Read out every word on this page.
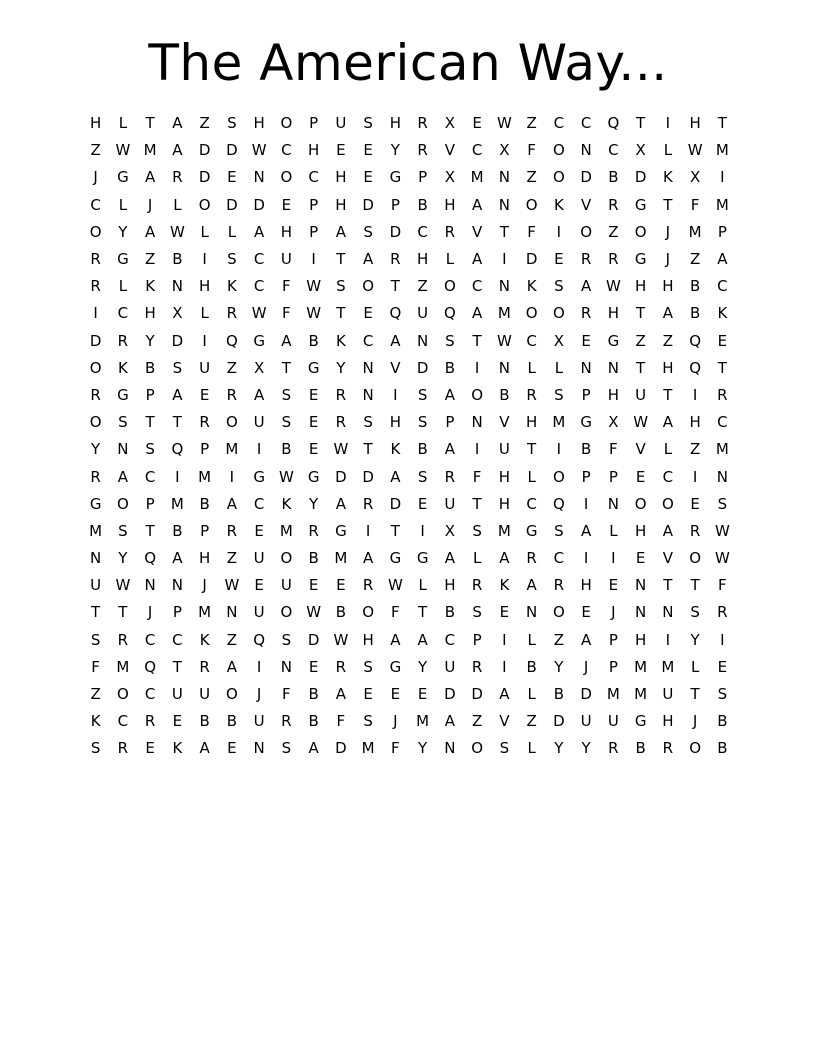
The American Way...
H	L	T	A	Z	S	H	O	P	U	S	H	R	X	E	W Z	C	C	Q	T	I	H	T
Z W M	A	D	D W C	H	E	E	Y	R	V	C	X	F	O	N	C	X	L	W M
J	G	A	R	D	E	N	O	C	H	E	G	P	X	M	N	Z	O	D	B	D	K	X	I
C	L	J	L	O	D	D	E	P	H	D	P	B	H	A	N	O	K	V	R	G	T	F	M
O	Y	A W	L	L	A	H	P	A	S	D	C	R	V	T	F	I	O	Z	O	J	M	P
R	G	Z	B	I	S	C	U	I	T	A	R	H	L	A	I	D	E	R	R	G	J	Z	A
R	L	K	N	H	K	C	F	W	S	O	T	Z	O	C	N	K	S	A W H	H	B	C
I	C	H	X	L	R W	F	W	T	E	Q	U	Q	A	M O	O	R	H	T	A	B	K
D	R	Y	D	I	Q	G	A	B	K	C	A	N	S	T	W C	X	E	G	Z	Z	Q	E
O	K	B	S	U	Z	X	T	G	Y	N	V	D	B	I	N	L	L	N	N	T	H	Q	T
R	G	P	A	E	R	A	S	E	R	N	I	S	A	O	B	R	S	P	H	U	T	I	R
O	S	T	T	R	O	U	S	E	R	S	H	S	P	N	V	H	M G	X W A	H	C
Y	N	S	Q	P	M	I	B	E	W	T	K	B	A	I	U	T	I	B	F	V	L	Z	M
R	A	C	I	M	I	G W G	D	D	A	S	R	F	H	L	O	P	P	E	C	I	N
G	O	P	M	B	A	C	K	Y	A	R	D	E	U	T	H	C	Q	I	N	O	O	E	S
M	S	T	B	P	R	E	M	R	G	I	T	I	X	S	M G	S	A	L	H	A	R W
N	Y	Q	A	H	Z	U	O	B	M	A	G	G	A	L	A	R	C	I	I	E	V	O W
U W N	N	J	W	E	U	E	E	R W	L	H	R	K	A	R	H	E	N	T	T	F
T	T	J	P	M	N	U	O W B	O	F	T	B	S	E	N	O	E	J	N	N	S	R
S	R	C	C	K	Z	Q	S	D W H	A	A	C	P	I	L	Z	A	P	H	I	Y	I
F	M Q	T	R	A	I	N	E	R	S	G	Y	U	R	I	B	Y	J	P	M M	L	E
Z	O	C	U	U	O	J	F	B	A	E	E	E	D	D	A	L	B	D M M	U	T	S
K	C	R	E	B	B	U	R	B	F	S	J	M	A	Z	V	Z	D	U	U	G	H	J	B
S	R	E	K	A	E	N	S	A	D M	F	Y	N	O	S	L	Y	Y	R	B	R	O	B
